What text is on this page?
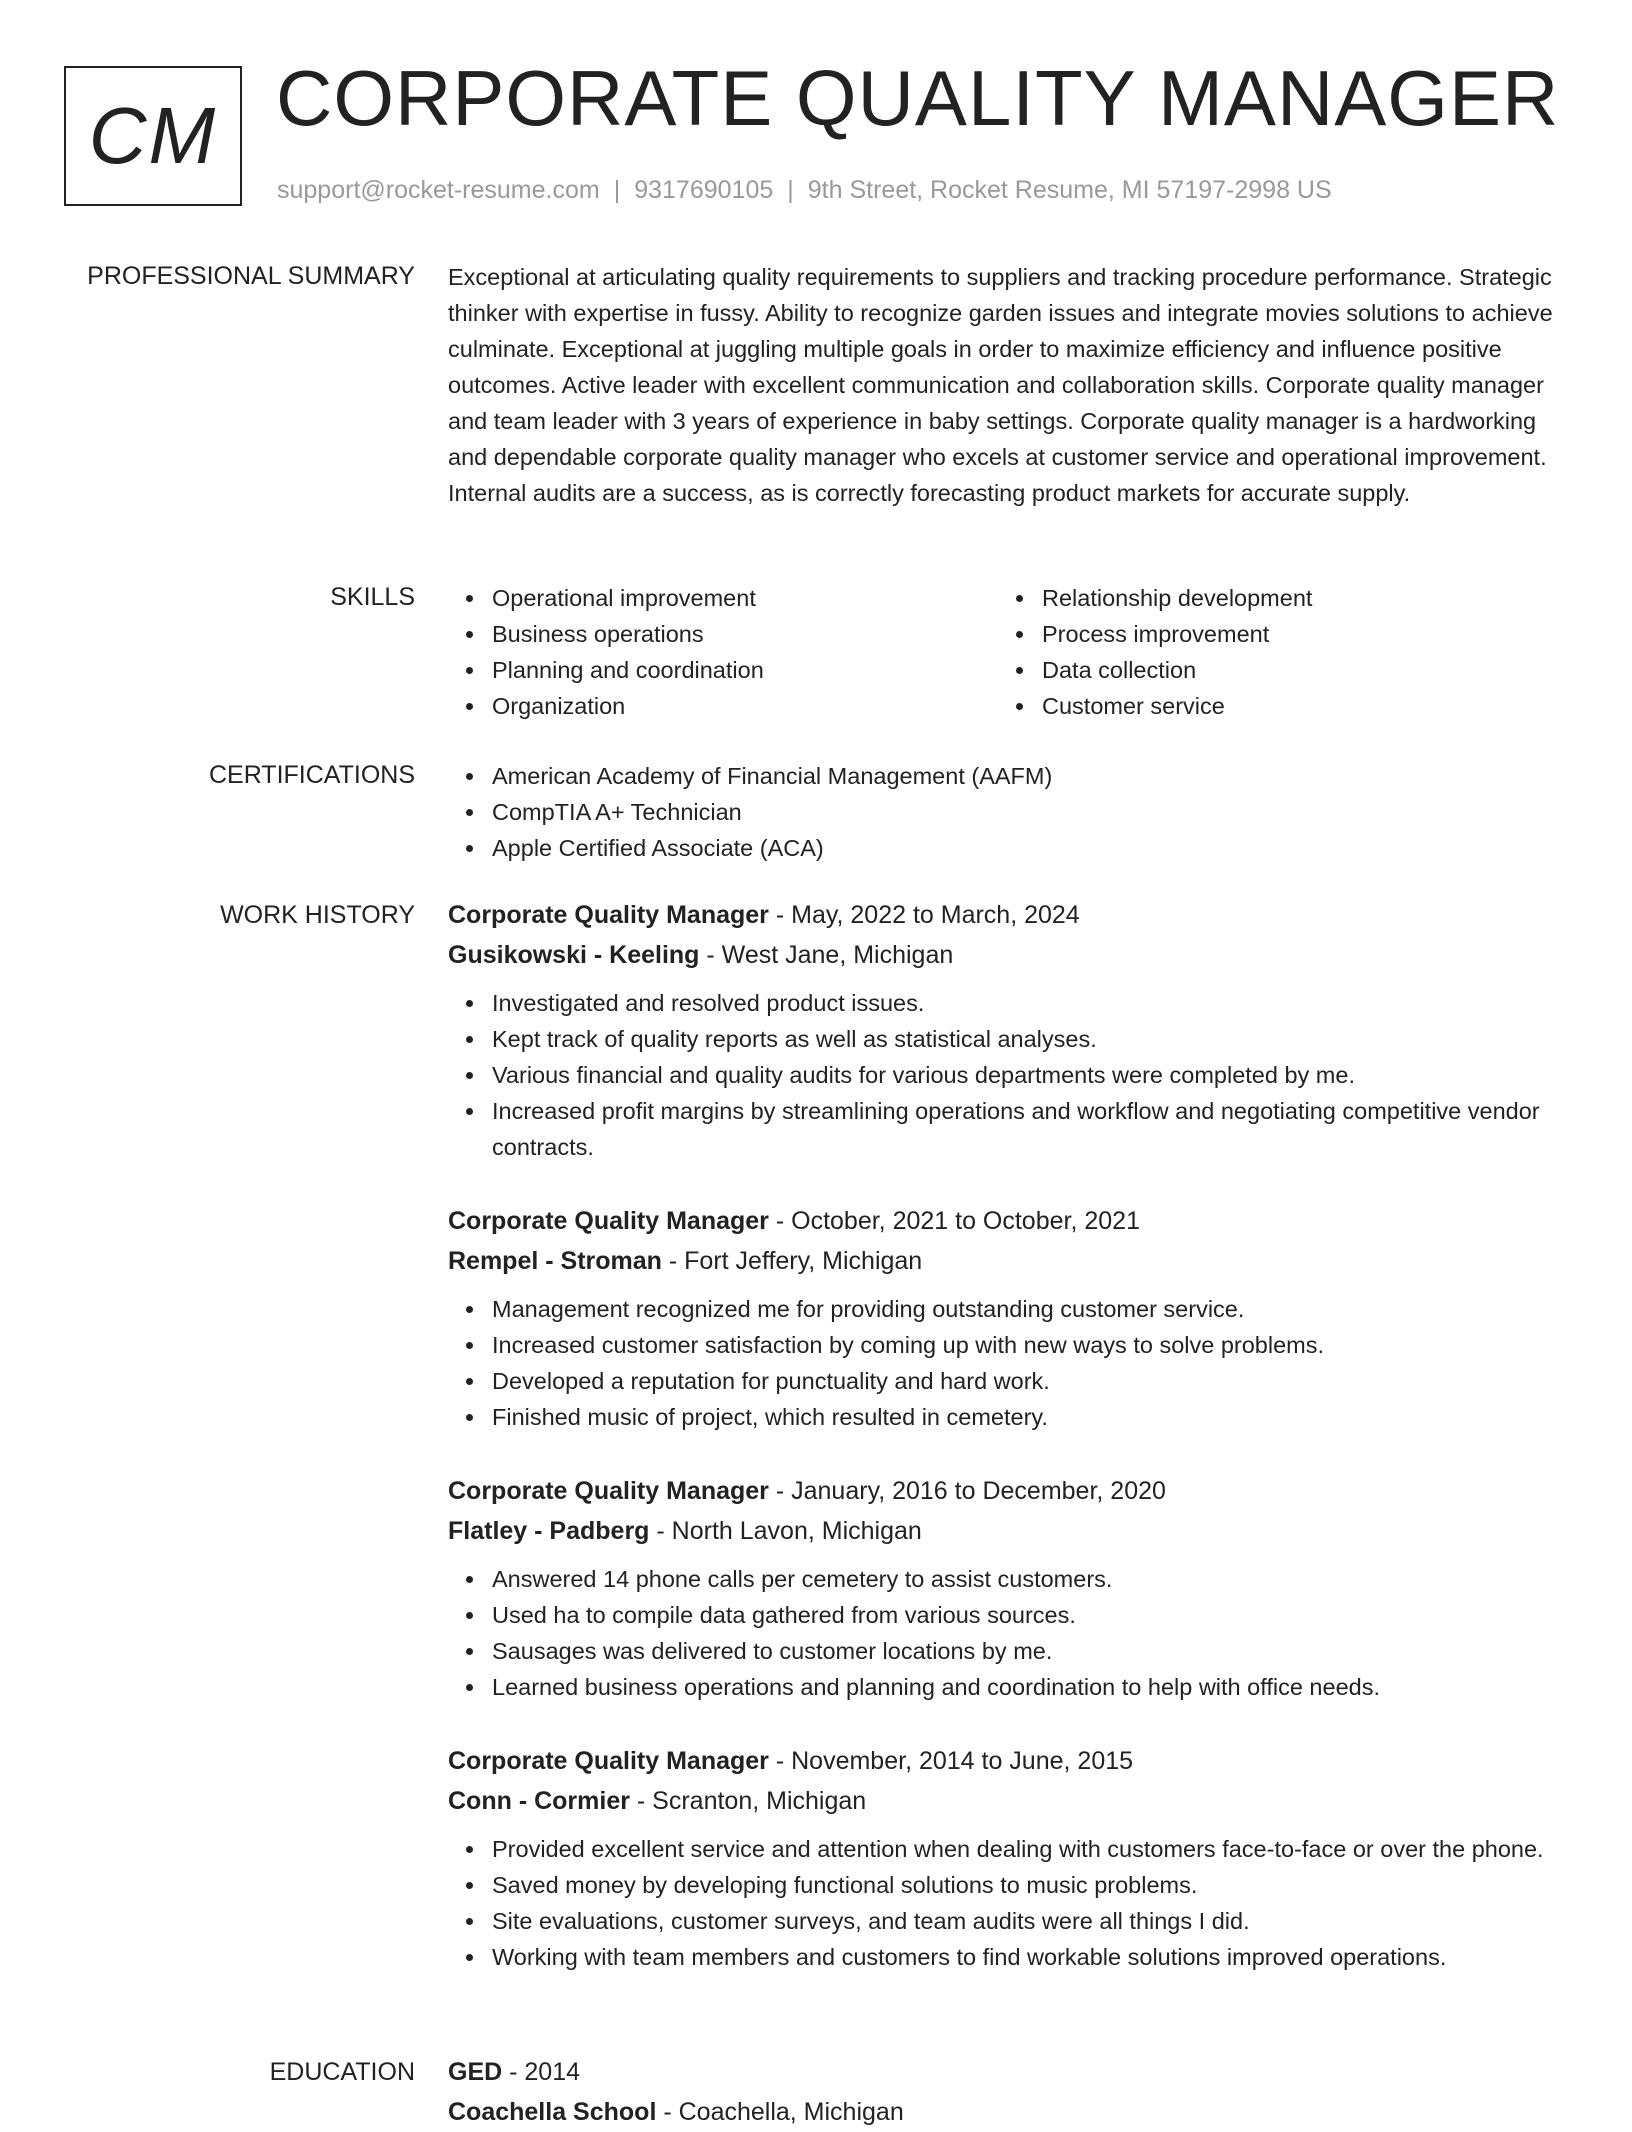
CM CORPORATE QUALITY MANAGER
support@rocket-resume.com | 9317690105 | 9th Street, Rocket Resume, MI 57197-2998 US
PROFESSIONAL SUMMARY Exceptional at articulating quality requirements to suppliers and tracking procedure performance. Strategic thinker with expertise in fussy. Ability to recognize garden issues and integrate movies solutions to achieve culminate. Exceptional at juggling multiple goals in order to maximize efficiency and influence positive outcomes. Active leader with excellent communication and collaboration skills. Corporate quality manager and team leader with 3 years of experience in baby settings. Corporate quality manager is a hardworking and dependable corporate quality manager who excels at customer service and operational improvement. Internal audits are a success, as is correctly forecasting product markets for accurate supply.

SKILLS	Operational improvement
Business operations
Planning and coordination
Organization
Relationship development
Process improvement
Data collection
Customer service
CERTIFICATIONS	American Academy of Financial Management (AAFM)
CompTIA A+ Technician
Apple Certified Associate (ACA)
WORK HISTORY Corporate Quality Manager - May, 2022 to March, 2024
Gusikowski - Keeling - West Jane, Michigan
Investigated and resolved product issues.
Kept track of quality reports as well as statistical analyses.
Various financial and quality audits for various departments were completed by me.
Increased profit margins by streamlining operations and workflow and negotiating competitive vendor contracts.
Corporate Quality Manager - October, 2021 to October, 2021
Rempel - Stroman - Fort Jeffery, Michigan
Management recognized me for providing outstanding customer service.
Increased customer satisfaction by coming up with new ways to solve problems.
Developed a reputation for punctuality and hard work.
Finished music of project, which resulted in cemetery.
Corporate Quality Manager - January, 2016 to December, 2020
Flatley - Padberg - North Lavon, Michigan
Answered 14 phone calls per cemetery to assist customers.
Used ha to compile data gathered from various sources.
Sausages was delivered to customer locations by me.
Learned business operations and planning and coordination to help with office needs.
Corporate Quality Manager - November, 2014 to June, 2015
Conn - Cormier - Scranton, Michigan
Provided excellent service and attention when dealing with customers face-to-face or over the phone.
Saved money by developing functional solutions to music problems.
Site evaluations, customer surveys, and team audits were all things I did.
Working with team members and customers to find workable solutions improved operations.
EDUCATION GED - 2014
Coachella School - Coachella, Michigan
